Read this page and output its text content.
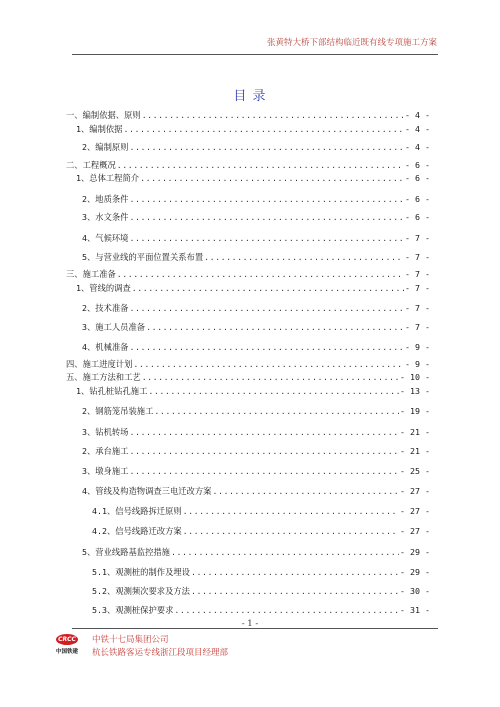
张黄特大桥下部结构临近既有线专项施工方案
目 录
一、编制依据、原则 .....	- 4 -
1、编制依据 .....	- 4 -
2、编制原则 .....	- 4 -
二、工程概况 .....	- 6 -
1、总体工程简介 .....	- 6 -
2、地质条件 .....	- 6 -
3、水文条件 .....	- 6 -
4、气候环境 .....	- 7 -
5、与营业线的平面位置关系布置 .....	- 7 -
三、施工准备 .....	- 7 -
1、管线的调查 .....	- 7 -
2、技术准备 .....	- 7 -
3、施工人员准备 .....	- 7 -
4、机械准备 .....	- 9 -
四、施工进度计划 .....	- 9 -
五、施工方法和工艺 .....	- 10 -
1、钻孔桩钻孔施工 .....	- 13 -
2、钢筋笼吊装施工 .....	- 19 -
3、钻机转场 .....	- 21 -
2、承台施工 .....	- 21 -
3、墩身施工 .....	- 25 -
4、管线及构造物调查三电迁改方案 .....	- 27 -
4.1、信号线路拆迁原则 .....	- 27 -
4.2、信号线路迁改方案 .....	- 27 -
5、营业线路基监控措施 .....	- 29 -
5.1、观测桩的制作及埋设 .....	- 29 -
5.2、观测频次要求及方法 .....	- 30 -
5.3、观测桩保护要求 .....	- 31 -
- 1 -
CRCC
中国铁建
中铁十七局集团公司
杭长铁路客运专线浙江段项目经理部
